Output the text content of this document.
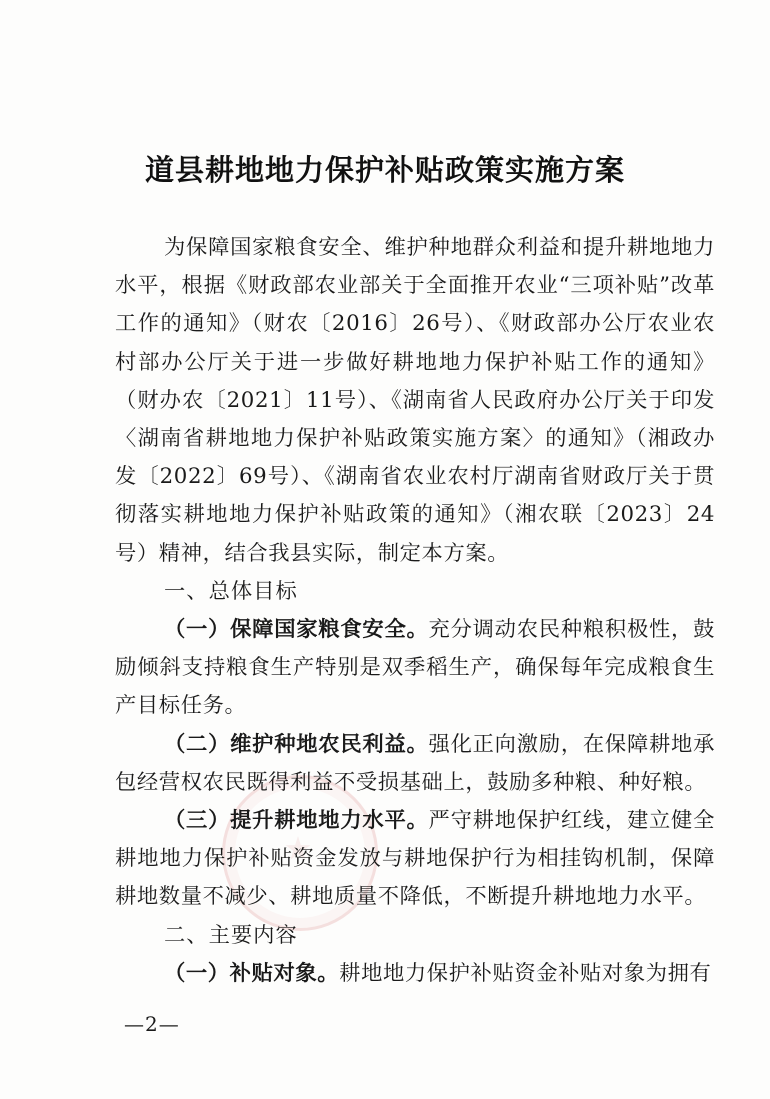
道县耕地地力保护补贴政策实施方案

为保障国家粮食安全、维护种地群众利益和提升耕地地力水平，根据《财政部农业部关于全面推开农业“三项补贴”改革工作的通知》（财农〔2016〕26号）、《财政部办公厅农业农村部办公厅关于进一步做好耕地地力保护补贴工作的通知》（财办农〔2021〕11号）、《湖南省人民政府办公厅关于印发〈湖南省耕地地力保护补贴政策实施方案〉的通知》（湘政办发〔2022〕69号）、《湖南省农业农村厅湖南省财政厅关于贯彻落实耕地地力保护补贴政策的通知》（湘农联〔2023〕24号）精神，结合我县实际，制定本方案。

一、总体目标

（一）保障国家粮食安全。充分调动农民种粮积极性，鼓励倾斜支持粮食生产特别是双季稻生产，确保每年完成粮食生产目标任务。

（二）维护种地农民利益。强化正向激励，在保障耕地承包经营权农民既得利益不受损基础上，鼓励多种粮、种好粮。

（三）提升耕地地力水平。严守耕地保护红线，建立健全耕地地力保护补贴资金发放与耕地保护行为相挂钩机制，保障耕地数量不减少、耕地质量不降低，不断提升耕地地力水平。

二、主要内容

（一）补贴对象。耕地地力保护补贴资金补贴对象为拥有

—2—
